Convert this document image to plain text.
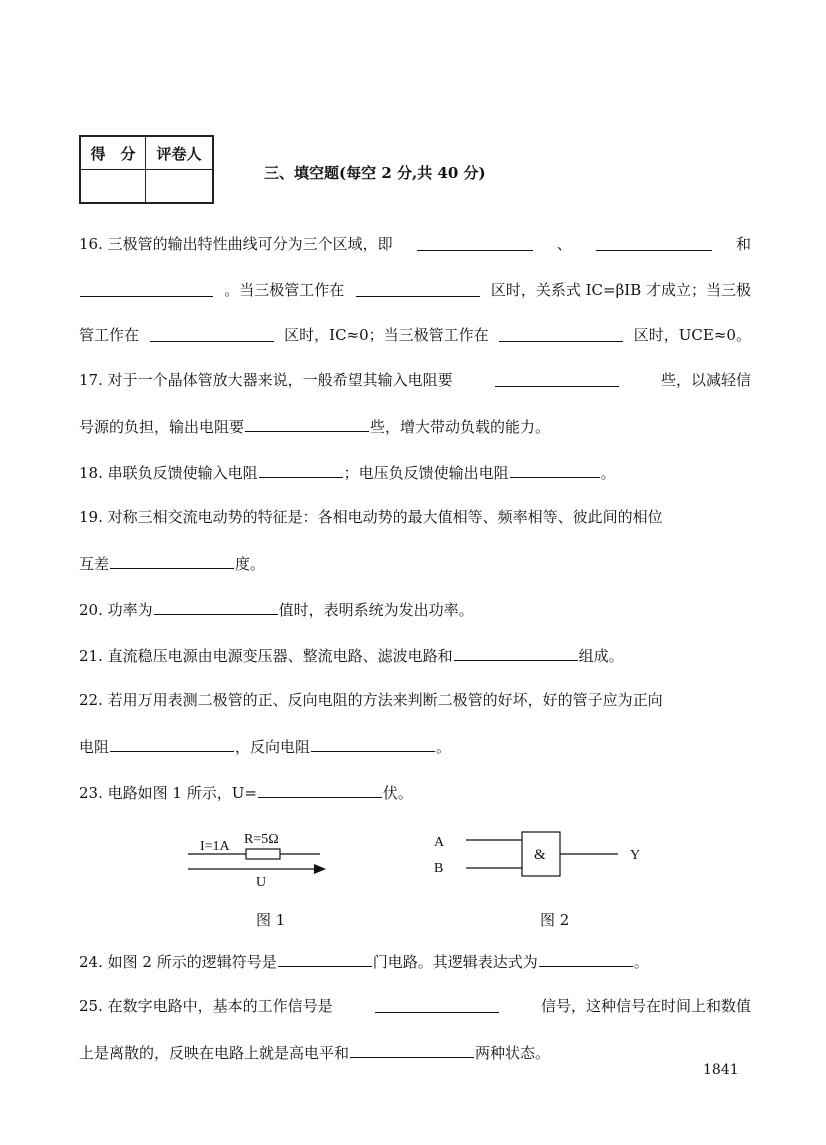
得　分	评卷人

三、填空题(每空 2 分,共 40 分)
16. 三极管的输出特性曲线可分为三个区域，即	、	和
。当三极管工作在	区时，关系式 IC=βIB 才成立；当三极
管工作在	区时，IC≈0；当三极管工作在	区时，UCE≈0。
17. 对于一个晶体管放大器来说，一般希望其输入电阻要	些，以减轻信
号源的负担，输出电阻要	些，增大带动负载的能力。
18. 串联负反馈使输入电阻	；电压负反馈使输出电阻	。
19. 对称三相交流电动势的特征是：各相电动势的最大值相等、频率相等、彼此间的相位
互差	度。
20. 功率为	值时，表明系统为发出功率。
21. 直流稳压电源由电源变压器、整流电路、滤波电路和	组成。
22. 若用万用表测二极管的正、反向电阻的方法来判断二极管的好坏，好的管子应为正向
电阻	，反向电阻	。
23. 电路如图 1 所示，U=	伏。
I=1A R=5Ω
U
图 1
A
B
&	Y
图 2
24. 如图 2 所示的逻辑符号是	门电路。其逻辑表达式为	。
25. 在数字电路中，基本的工作信号是	信号，这种信号在时间上和数值
上是离散的，反映在电路上就是高电平和	两种状态。
1841
